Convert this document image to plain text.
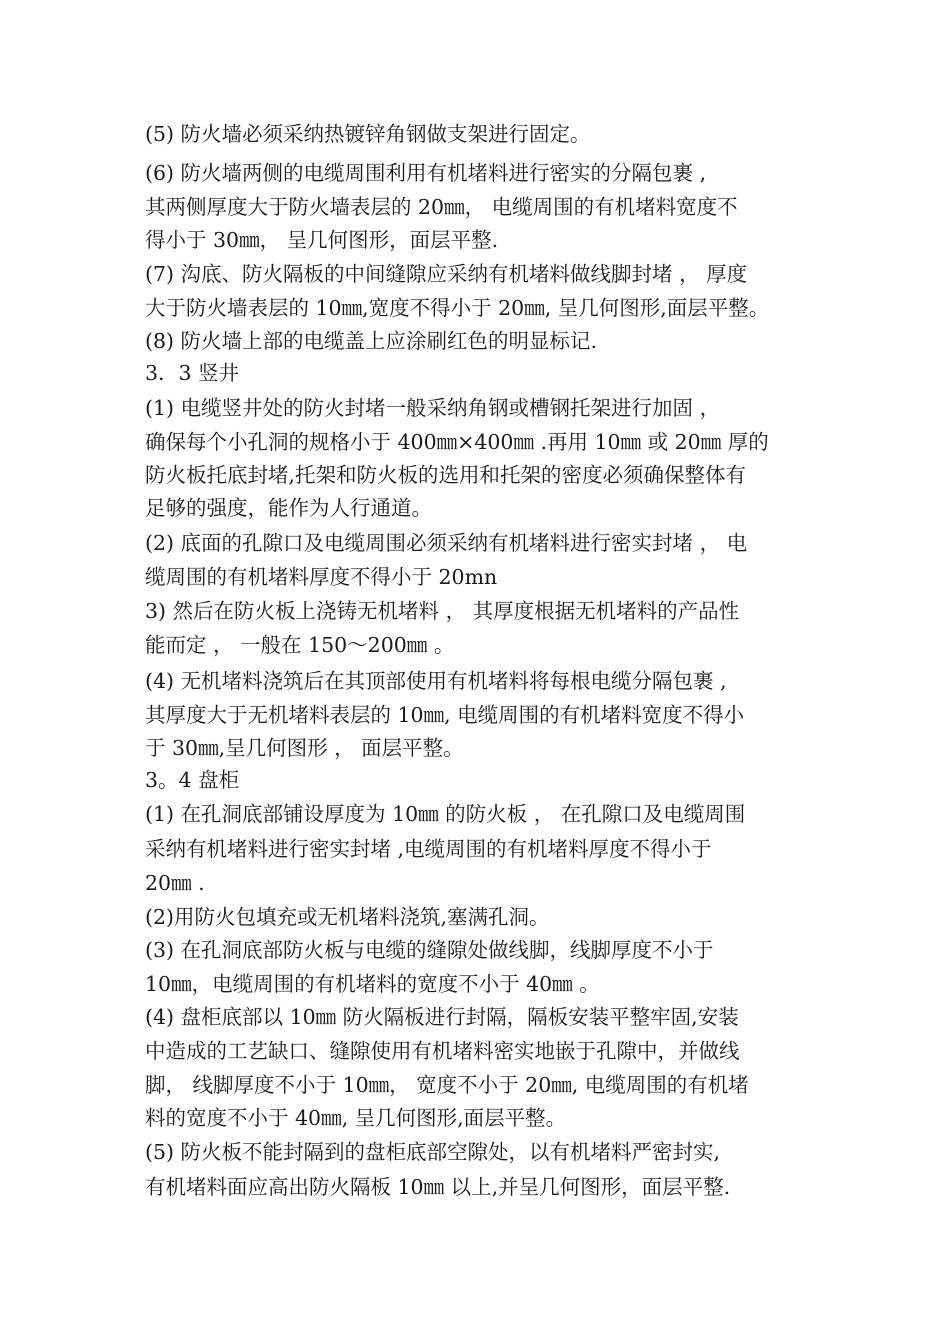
(5) 防火墙必须采纳热镀锌角钢做支架进行固定。
(6) 防火墙两侧的电缆周围利用有机堵料进行密实的分隔包裹 ,
其两侧厚度大于防火墙表层的 20㎜， 电缆周围的有机堵料宽度不
得小于 30㎜， 呈几何图形，面层平整.
(7) 沟底、防火隔板的中间缝隙应采纳有机堵料做线脚封堵 ， 厚度
大于防火墙表层的 10㎜,宽度不得小于 20㎜, 呈几何图形,面层平整。
(8) 防火墙上部的电缆盖上应涂刷红色的明显标记.
3．3 竖井
(1) 电缆竖井处的防火封堵一般采纳角钢或槽钢托架进行加固 ，
确保每个小孔洞的规格小于 400㎜×400㎜ .再用 10㎜ 或 20㎜ 厚的
防火板托底封堵,托架和防火板的选用和托架的密度必须确保整体有
足够的强度，能作为人行通道。
(2) 底面的孔隙口及电缆周围必须采纳有机堵料进行密实封堵 ， 电
缆周围的有机堵料厚度不得小于 20mn
3) 然后在防火板上浇铸无机堵料 ， 其厚度根据无机堵料的产品性
能而定 ， 一般在 150～200㎜ 。
(4) 无机堵料浇筑后在其顶部使用有机堵料将每根电缆分隔包裹 ,
其厚度大于无机堵料表层的 10㎜, 电缆周围的有机堵料宽度不得小
于 30㎜,呈几何图形 ， 面层平整。
3。4 盘柜
(1) 在孔洞底部铺设厚度为 10㎜ 的防火板 ， 在孔隙口及电缆周围
采纳有机堵料进行密实封堵 ,电缆周围的有机堵料厚度不得小于
20㎜ .
(2)用防火包填充或无机堵料浇筑,塞满孔洞。
(3) 在孔洞底部防火板与电缆的缝隙处做线脚，线脚厚度不小于
10㎜，电缆周围的有机堵料的宽度不小于 40㎜ 。
(4) 盘柜底部以 10㎜ 防火隔板进行封隔，隔板安装平整牢固,安装
中造成的工艺缺口、缝隙使用有机堵料密实地嵌于孔隙中，并做线
脚， 线脚厚度不小于 10㎜， 宽度不小于 20㎜, 电缆周围的有机堵
料的宽度不小于 40㎜, 呈几何图形,面层平整。
(5) 防火板不能封隔到的盘柜底部空隙处，以有机堵料严密封实,
有机堵料面应高出防火隔板 10㎜ 以上,并呈几何图形，面层平整.
